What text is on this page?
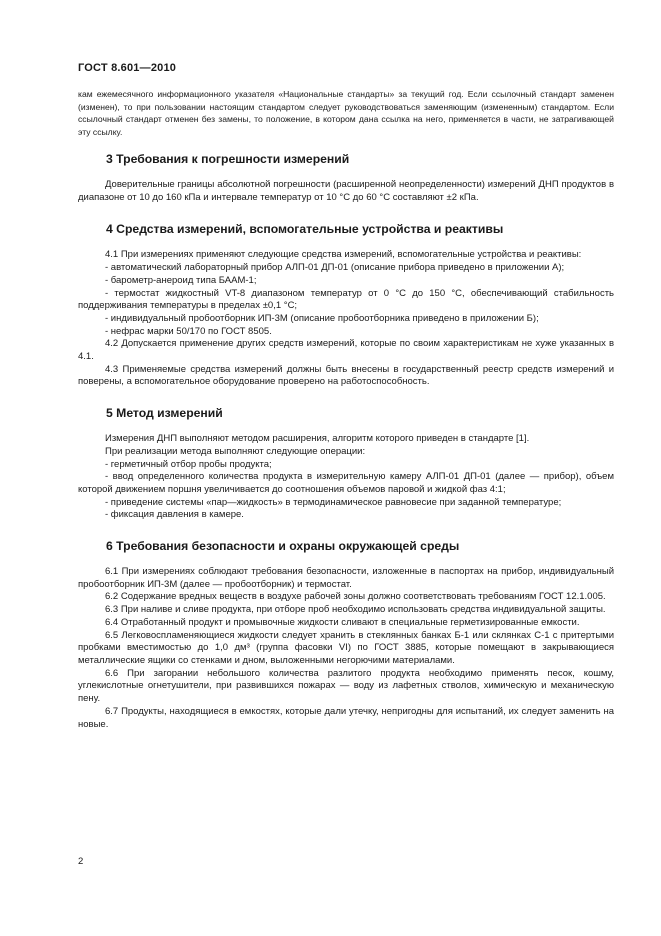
ГОСТ 8.601—2010

кам ежемесячного информационного указателя «Национальные стандарты» за текущий год. Если ссылочный стандарт заменен (изменен), то при пользовании настоящим стандартом следует руководствоваться заменяющим (измененным) стандартом. Если ссылочный стандарт отменен без замены, то положение, в котором дана ссылка на него, применяется в части, не затрагивающей эту ссылку.

3 Требования к погрешности измерений

Доверительные границы абсолютной погрешности (расширенной неопределенности) измерений ДНП продуктов в диапазоне от 10 до 160 кПа и интервале температур от 10 °С до 60 °С составляют ±2 кПа.

4 Средства измерений, вспомогательные устройства и реактивы

4.1 При измерениях применяют следующие средства измерений, вспомогательные устройства и реактивы:

- автоматический лабораторный прибор АЛП-01 ДП-01 (описание прибора приведено в приложении А);

- барометр-анероид типа БААМ-1;

- термостат жидкостный VT-8 диапазоном температур от 0 °С до 150 °С, обеспечивающий стабильность поддерживания температуры в пределах ±0,1 °С;

- индивидуальный пробоотборник ИП-3М (описание пробоотборника приведено в приложении Б);

- нефрас марки 50/170 по ГОСТ 8505.

4.2 Допускается применение других средств измерений, которые по своим характеристикам не хуже указанных в 4.1.

4.3 Применяемые средства измерений должны быть внесены в государственный реестр средств измерений и поверены, а вспомогательное оборудование проверено на работоспособность.

5 Метод измерений

Измерения ДНП выполняют методом расширения, алгоритм которого приведен в стандарте [1].

При реализации метода выполняют следующие операции:

- герметичный отбор пробы продукта;

- ввод определенного количества продукта в измерительную камеру АЛП-01 ДП-01 (далее — прибор), объем которой движением поршня увеличивается до соотношения объемов паровой и жидкой фаз 4:1;

- приведение системы «пар—жидкость» в термодинамическое равновесие при заданной температуре;

- фиксация давления в камере.

6 Требования безопасности и охраны окружающей среды

6.1 При измерениях соблюдают требования безопасности, изложенные в паспортах на прибор, индивидуальный пробоотборник ИП-3М (далее — пробоотборник) и термостат.

6.2 Содержание вредных веществ в воздухе рабочей зоны должно соответствовать требованиям ГОСТ 12.1.005.

6.3 При наливе и сливе продукта, при отборе проб необходимо использовать средства индивидуальной защиты.

6.4 Отработанный продукт и промывочные жидкости сливают в специальные герметизированные емкости.

6.5 Легковоспламеняющиеся жидкости следует хранить в стеклянных банках Б-1 или склянках С-1 с притертыми пробками вместимостью до 1,0 дм³ (группа фасовки VI) по ГОСТ 3885, которые помещают в закрывающиеся металлические ящики со стенками и дном, выложенными негорючими материалами.

6.6 При загорании небольшого количества разлитого продукта необходимо применять песок, кошму, углекислотные огнетушители, при развившихся пожарах — воду из лафетных стволов, химическую и механическую пену.

6.7 Продукты, находящиеся в емкостях, которые дали утечку, непригодны для испытаний, их следует заменить на новые.

2
